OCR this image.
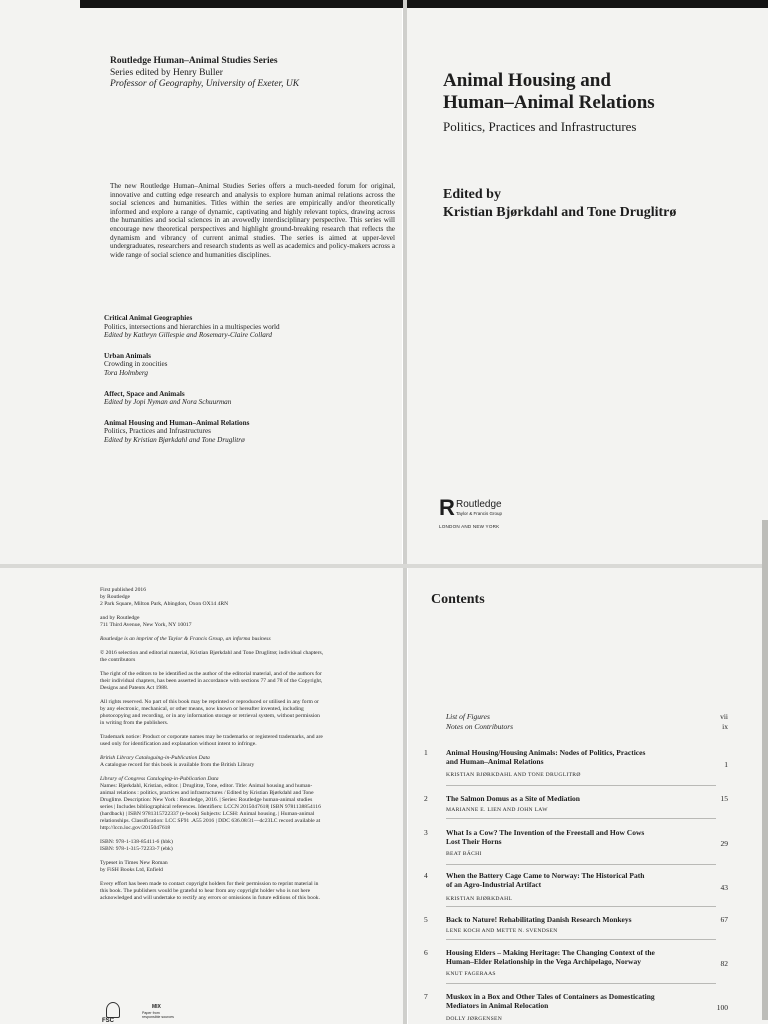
Routledge Human–Animal Studies Series
Series edited by Henry Buller
Professor of Geography, University of Exeter, UK

The new Routledge Human–Animal Studies Series offers a much-needed forum for original, innovative and cutting edge research and analysis to explore human animal relations across the social sciences and humanities. Titles within the series are empirically and/or theoretically informed and explore a range of dynamic, captivating and highly relevant topics, drawing across the humanities and social sciences in an avowedly interdisciplinary perspective. This series will encourage new theoretical perspectives and highlight ground-breaking research that reflects the dynamism and vibrancy of current animal studies. The series is aimed at upper-level undergraduates, researchers and research students as well as academics and policy-makers across a wide range of social science and humanities disciplines.

Critical Animal Geographies
Politics, intersections and hierarchies in a multispecies world
Edited by Kathryn Gillespie and Rosemary-Claire Collard
Urban Animals
Crowding in zoocities
Tora Holmberg
Affect, Space and Animals
Edited by Jopi Nyman and Nora Schuurman
Animal Housing and Human–Animal Relations
Politics, Practices and Infrastructures
Edited by Kristian Bjørkdahl and Tone Druglitrø
Animal Housing and
Human–Animal Relations
Politics, Practices and Infrastructures
Edited by
Kristian Bjørkdahl and Tone Druglitrø
R Routledge
Taylor & Francis Group
LONDON AND NEW YORK
First published 2016
by Routledge
2 Park Square, Milton Park, Abingdon, Oxon OX14 4RN
and by Routledge
711 Third Avenue, New York, NY 10017
Routledge is an imprint of the Taylor & Francis Group, an informa business
© 2016 selection and editorial material, Kristian Bjørkdahl and Tone Druglitrø; individual chapters, the contributors
The right of the editors to be identified as the author of the editorial material, and of the authors for their individual chapters, has been asserted in accordance with sections 77 and 78 of the Copyright, Designs and Patents Act 1988.
All rights reserved. No part of this book may be reprinted or reproduced or utilised in any form or by any electronic, mechanical, or other means, now known or hereafter invented, including photocopying and recording, or in any information storage or retrieval system, without permission in writing from the publishers.
Trademark notice: Product or corporate names may be trademarks or registered trademarks, and are used only for identification and explanation without intent to infringe.
British Library Cataloguing-in-Publication Data
A catalogue record for this book is available from the British Library
Library of Congress Cataloging-in-Publication Data
Names: Bjørkdahl, Kristian, editor. | Druglitrø, Tone, editor. Title: Animal housing and human-animal relations : politics, practices and infrastructures / Edited by Kristian Bjørkdahl and Tone Druglitrø. Description: New York : Routledge, 2016. | Series: Routledge human-animal studies series | Includes bibliographical references. Identifiers: LCCN 2015047618| ISBN 9781138854116 (hardback) | ISBN 9781315722337 (e-book) Subjects: LCSH: Animal housing. | Human-animal relationships. Classification: LCC SF91 .A55 2016 | DDC 636.08/31—dc23LC record available at http://lccn.loc.gov/2015047618
ISBN: 978-1-138-85411-6 (hbk)
ISBN: 978-1-315-72233-7 (ebk)
Typeset in Times New Roman
by FiSH Books Ltd, Enfield
Every effort has been made to contact copyright holders for their permission to reprint material in this book. The publishers would be grateful to hear from any copyright holder who is not here acknowledged and will undertake to rectify any errors or omissions in future editions of this book.
FSC
MIX
Paper from responsible sources
Contents
List of Figures	vii
Notes on Contributors	ix
1	Animal Housing/Housing Animals: Nodes of Politics, Practices
and Human–Animal Relations
KRISTIAN BJØRKDAHL AND TONE DRUGLITRØ
1
2	The Salmon Domus as a Site of Mediation
MARIANNE E. LIEN AND JOHN LAW
15
3	What Is a Cow? The Invention of the Freestall and How Cows
Lost Their Horns
BEAT BÄCHI
29
4	When the Battery Cage Came to Norway: The Historical Path
of an Agro-Industrial Artifact
KRISTIAN BJØRKDAHL
43
5	Back to Nature! Rehabilitating Danish Research Monkeys
LENE KOCH AND METTE N. SVENDSEN
67
6	Housing Elders – Making Heritage: The Changing Context of the
Human–Elder Relationship in the Vega Archipelago, Norway
KNUT FAGERAAS
82
7	Muskox in a Box and Other Tales of Containers as Domesticating
Mediators in Animal Relocation
DOLLY JØRGENSEN
100
